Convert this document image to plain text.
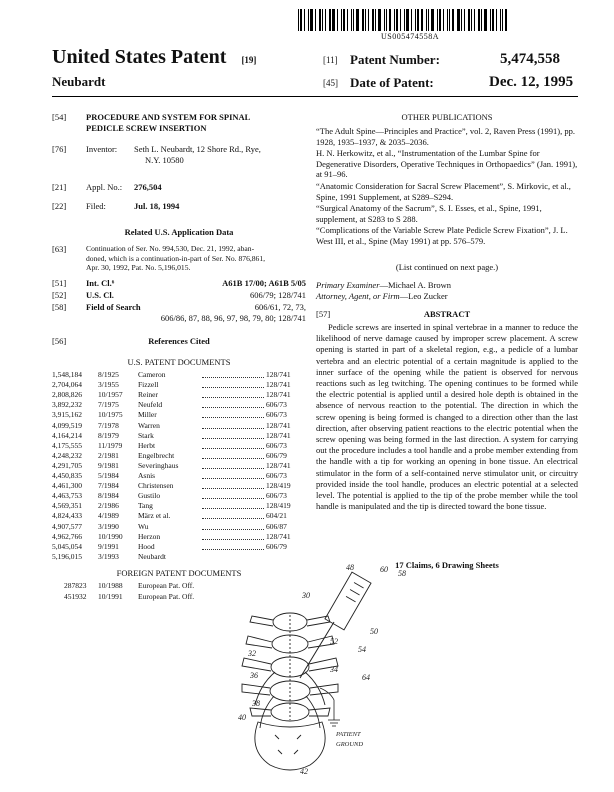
US005474558A
United States Patent [19]
Neubardt
[11] Patent Number:	5,474,558
[45] Date of Patent:	Dec. 12, 1995
[54] PROCEDURE AND SYSTEM FOR SPINAL
PEDICLE SCREW INSERTION
[76] Inventor: Seth L. Neubardt, 12 Shore Rd., Rye,
N.Y. 10580
[21] Appl. No.: 276,504
[22] Filed:	Jul. 18, 1994
Related U.S. Application Data
[63]	Continuation of Ser. No. 994,530, Dec. 21, 1992, aban-
doned, which is a continuation-in-part of Ser. No. 876,861,
Apr. 30, 1992, Pat. No. 5,196,015.
[51] Int. Cl.⁶	A61B 17/00; A61B 5/05
[52] U.S. Cl.	606/79; 128/741
[58] Field of Search	606/61, 72, 73,
606/86, 87, 88, 96, 97, 98, 79, 80; 128/741
[56]	References Cited
U.S. PATENT DOCUMENTS
1,548,184 8/1925	Cameron	128/741
2,704,064 3/1955	Fizzell	128/741
2,808,826 10/1957 Reiner	128/741
3,892,232 7/1975	Neufeld	606/73
3,915,162 10/1975 Miller	606/73
4,099,519 7/1978	Warren	128/741
4,164,214 8/1979	Stark	128/741
4,175,555 11/1979 Herbt	606/73
4,248,232 2/1981	Engelbrecht	606/79
4,291,705 9/1981	Severinghaus	128/741
4,450,835 5/1984	Asnis	606/73
4,461,300 7/1984	Christensen	128/419
4,463,753 8/1984	Gustilo	606/73
4,569,351 2/1986	Tang	128/419
4,824,433 4/1989	März et al.	604/21
4,907,577 3/1990	Wu	606/87
4,962,766 10/1990 Herzon	128/741
5,045,054 9/1991	Hood	606/79
5,196,015 3/1993	Neubardt
FOREIGN PATENT DOCUMENTS
287823 10/1988 European Pat. Off.
451932 10/1991 European Pat. Off.
OTHER PUBLICATIONS
“The Adult Spine—Principles and Practice”, vol. 2, Raven Press (1991), pp. 1928, 1935–1937, & 2035–2036.
H. N. Herkowitz, et al., “Instrumentation of the Lumbar Spine for Degenerative Disorders, Operative Techniques in Orthopaedics” (Jan. 1991), at 91–96.
“Anatomic Consideration for Sacral Screw Placement”, S. Mirkovic, et al., Spine, 1991 Supplement, at S289–S294.
“Surgical Anatomy of the Sacrum”, S. I. Esses, et al., Spine, 1991, supplement, at S283 to S 288.
“Complications of the Variable Screw Plate Pedicle Screw Fixation”, J. L. West III, et al., Spine (May 1991) at pp. 576–579.
(List continued on next page.)
Primary Examiner—Michael A. Brown
Attorney, Agent, or Firm—Leo Zucker
[57]	ABSTRACT
Pedicle screws are inserted in spinal vertebrae in a manner to reduce the likelihood of nerve damage caused by improper screw placement. A screw opening is started in part of a skeletal region, e.g., a pedicle of a lumbar vertebra and an electric potential of a certain magnitude is applied to the inner surface of the opening while the patient is observed for nervous reactions such as leg twitching. The opening continues to be formed while the electric potential is applied until a desired hole depth is obtained in the absence of nervous reaction to the potential. The direction in which the screw opening is being formed is changed to a direction other than the last direction, after observing patient reactions to the electric potential when the screw opening was being formed in the last direction. A system for carrying out the procedure includes a tool handle and a probe member extending from the handle with a tip for working an opening in bone tissue. An electrical stimulator in the form of a self-contained nerve stimulator unit, or circuitry provided inside the tool handle, produces an electric potential at a selected level. The potential is applied to the tip of the probe member while the tool handle is manipulated and the tip is directed toward the bone tissue.
17 Claims, 6 Drawing Sheets
48	60 58
30
50
52
54
32
64
36
34
38
40
42
PATIENT
GROUND
